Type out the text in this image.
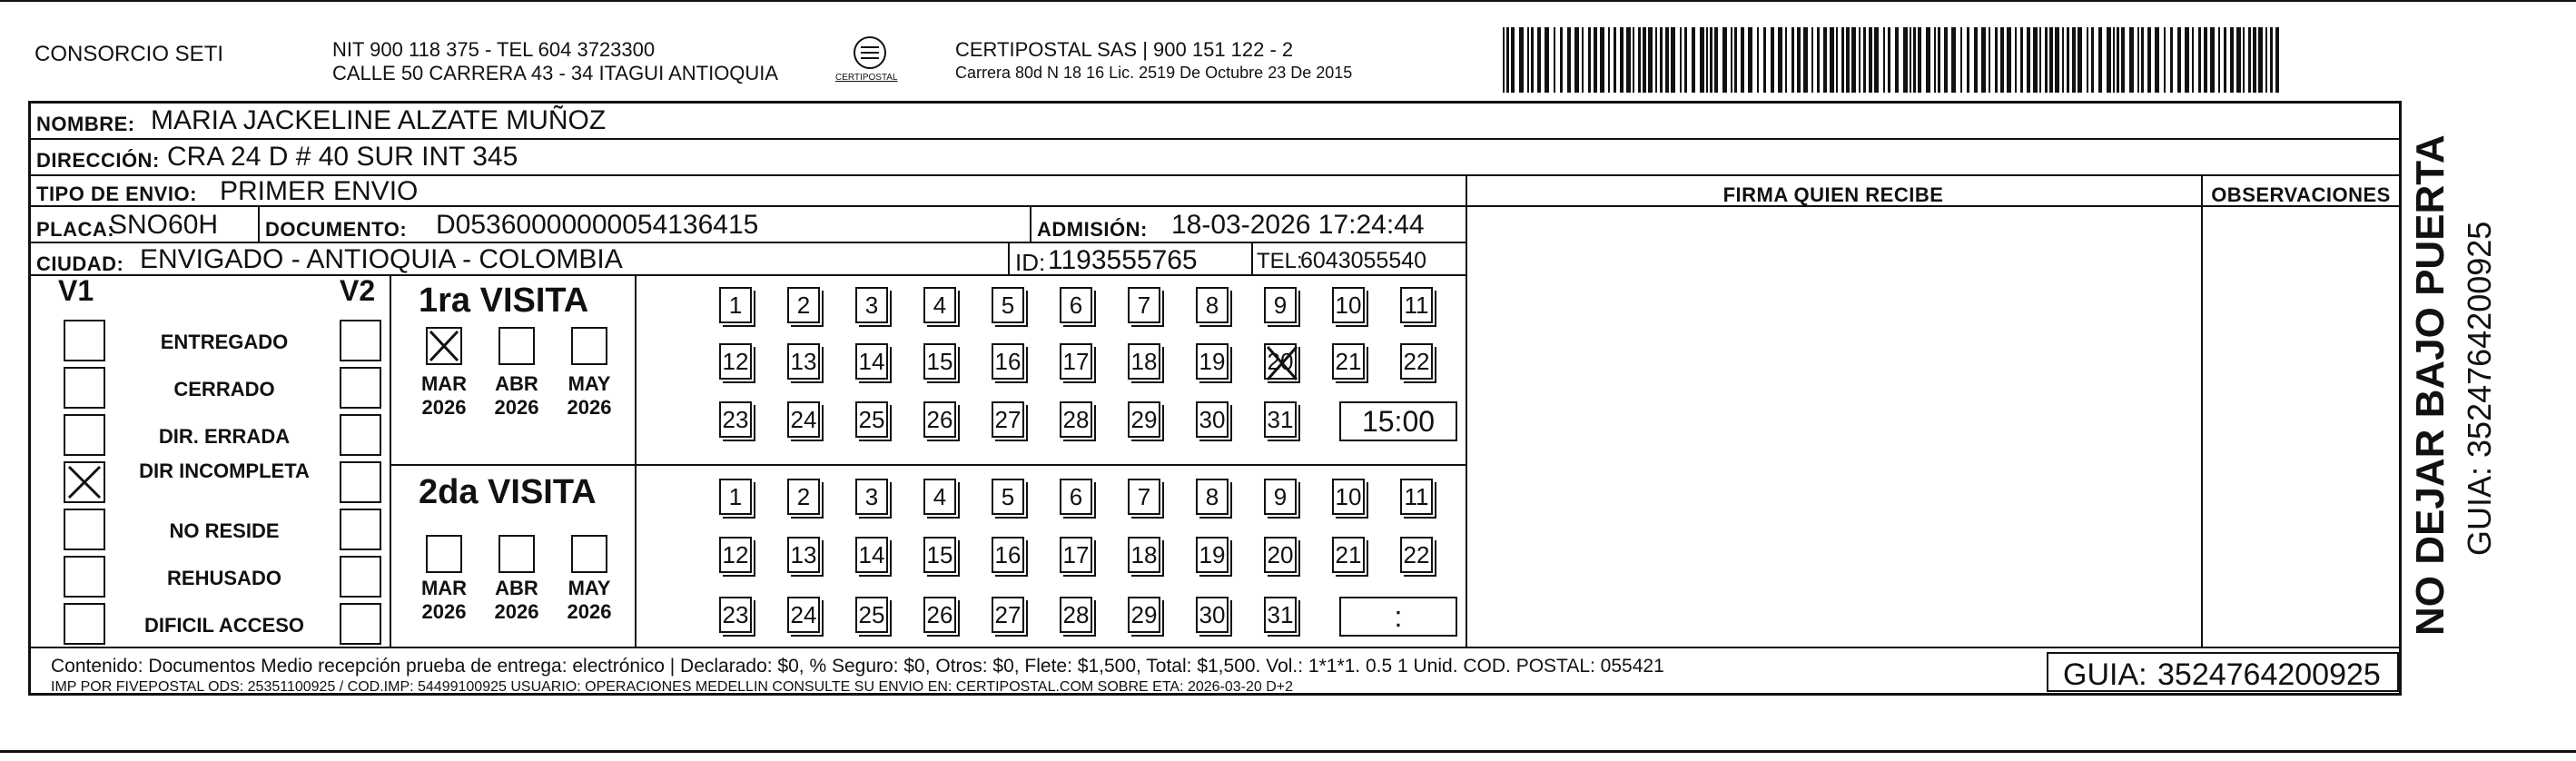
CONSORCIO SETI	NIT 900 118 375 - TEL 604 3723300
CALLE 50 CARRERA 43 - 34 ITAGUI ANTIOQUIA	CERTIPOSTAL
CERTIPOSTAL SAS | 900 151 122 - 2
Carrera 80d N 18 16 Lic. 2519 De Octubre 23 De 2015
NOMBRE: MARIA JACKELINE ALZATE MUÑOZ
DIRECCIÓN: CRA 24 D # 40 SUR INT 345
TIPO DE ENVIO: PRIMER ENVIO
PLACA:
SNO60H DOCUMENTO: D05360000000054136415	ADMISIÓN: 18-03-2026 17:24:44
CIUDAD: ENVIGADO - ANTIOQUIA - COLOMBIA	ID: 1193555765	TEL:
6043055540
FIRMA QUIEN RECIBE	OBSERVACIONES
V1	V2
ENTREGADO
CERRADO
DIR. ERRADA
DIR INCOMPLETA
NO RESIDE
REHUSADO
DIFICIL ACCESO
1ra VISITA
MAR
2026
ABR
2026
MAY
2026
1	2	3	4	5	6	7	8	9	10 11
12 13 14 15 16 17 18 19 20 21 22
23 24 25 26 27 28 29 30 31	15:00
2da VISITA
MAR
2026
ABR
2026
MAY
2026
1	2	3	4	5	6	7	8	9	10 11
12 13 14 15 16 17 18 19 20 21 22
23 24 25 26 27 28 29 30 31	:
Contenido: Documentos Medio recepción prueba de entrega: electrónico | Declarado: $0, % Seguro: $0, Otros: $0, Flete: $1,500, Total: $1,500. Vol.: 1*1*1. 0.5 1 Unid. COD. POSTAL: 055421
IMP POR FIVEPOSTAL ODS: 25351100925 / COD.IMP: 54499100925 USUARIO: OPERACIONES MEDELLIN CONSULTE SU ENVIO EN: CERTIPOSTAL.COM SOBRE ETA: 2026-03-20 D+2	GUIA: 3524764200925
NO DEJAR BAJO PUERTA GUIA: 3524764200925
